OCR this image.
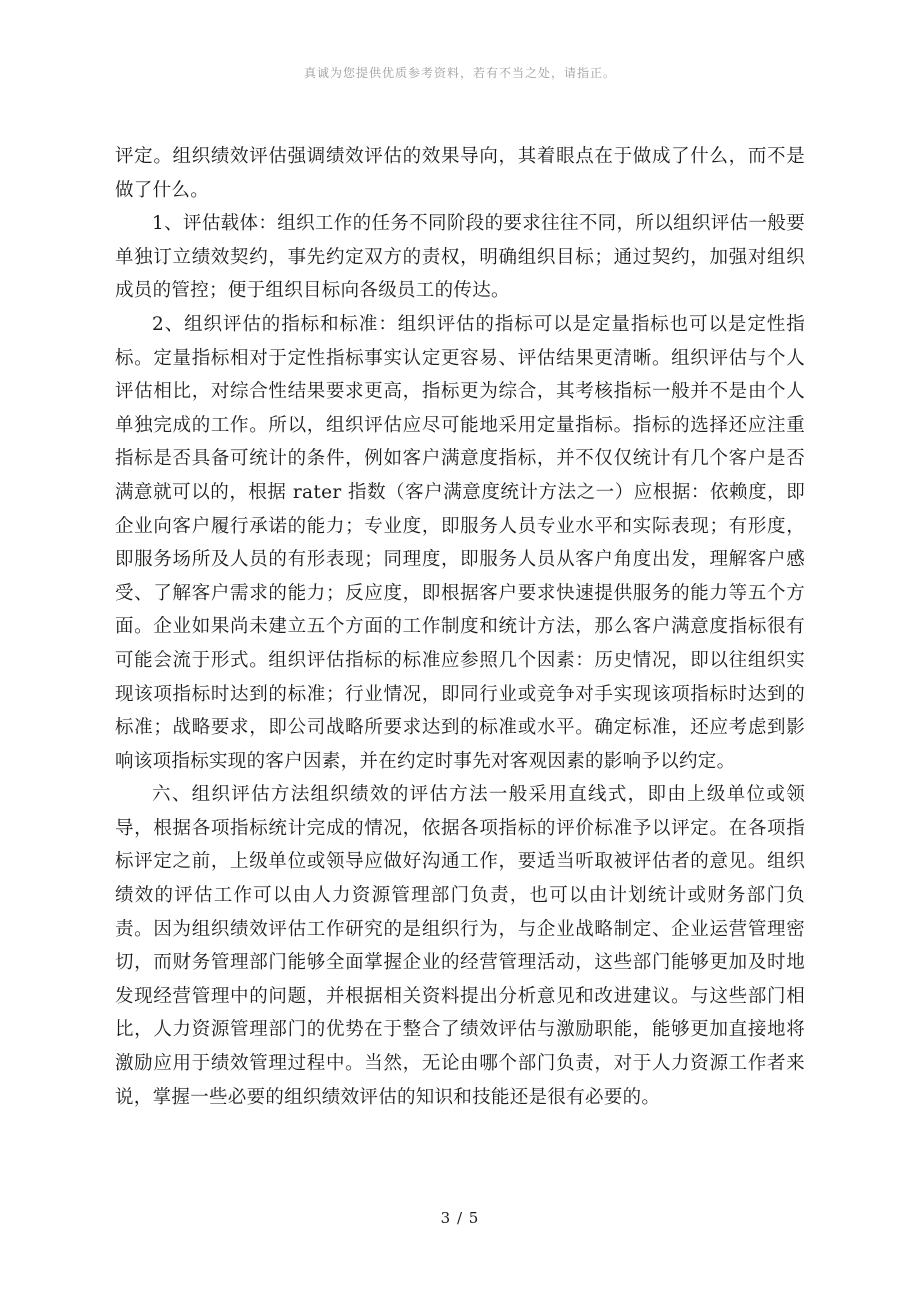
真诚为您提供优质参考资料，若有不当之处，请指正。

评定。组织绩效评估强调绩效评估的效果导向，其着眼点在于做成了什么，而不是做了什么。

1、评估载体：组织工作的任务不同阶段的要求往往不同，所以组织评估一般要单独订立绩效契约，事先约定双方的责权，明确组织目标；通过契约，加强对组织成员的管控；便于组织目标向各级员工的传达。

2、组织评估的指标和标准：组织评估的指标可以是定量指标也可以是定性指标。定量指标相对于定性指标事实认定更容易、评估结果更清晰。组织评估与个人评估相比，对综合性结果要求更高，指标更为综合，其考核指标一般并不是由个人单独完成的工作。所以，组织评估应尽可能地采用定量指标。指标的选择还应注重指标是否具备可统计的条件，例如客户满意度指标，并不仅仅统计有几个客户是否满意就可以的，根据 rater 指数（客户满意度统计方法之一）应根据：依赖度，即企业向客户履行承诺的能力；专业度，即服务人员专业水平和实际表现；有形度，即服务场所及人员的有形表现；同理度，即服务人员从客户角度出发，理解客户感受、了解客户需求的能力；反应度，即根据客户要求快速提供服务的能力等五个方面。企业如果尚未建立五个方面的工作制度和统计方法，那么客户满意度指标很有可能会流于形式。组织评估指标的标准应参照几个因素：历史情况，即以往组织实现该项指标时达到的标准；行业情况，即同行业或竞争对手实现该项指标时达到的标准；战略要求，即公司战略所要求达到的标准或水平。确定标准，还应考虑到影响该项指标实现的客户因素，并在约定时事先对客观因素的影响予以约定。

六、组织评估方法组织绩效的评估方法一般采用直线式，即由上级单位或领导，根据各项指标统计完成的情况，依据各项指标的评价标准予以评定。在各项指标评定之前，上级单位或领导应做好沟通工作，要适当听取被评估者的意见。组织绩效的评估工作可以由人力资源管理部门负责，也可以由计划统计或财务部门负责。因为组织绩效评估工作研究的是组织行为，与企业战略制定、企业运营管理密切，而财务管理部门能够全面掌握企业的经营管理活动，这些部门能够更加及时地发现经营管理中的问题，并根据相关资料提出分析意见和改进建议。与这些部门相比，人力资源管理部门的优势在于整合了绩效评估与激励职能，能够更加直接地将激励应用于绩效管理过程中。当然，无论由哪个部门负责，对于人力资源工作者来说，掌握一些必要的组织绩效评估的知识和技能还是很有必要的。

3 / 5
